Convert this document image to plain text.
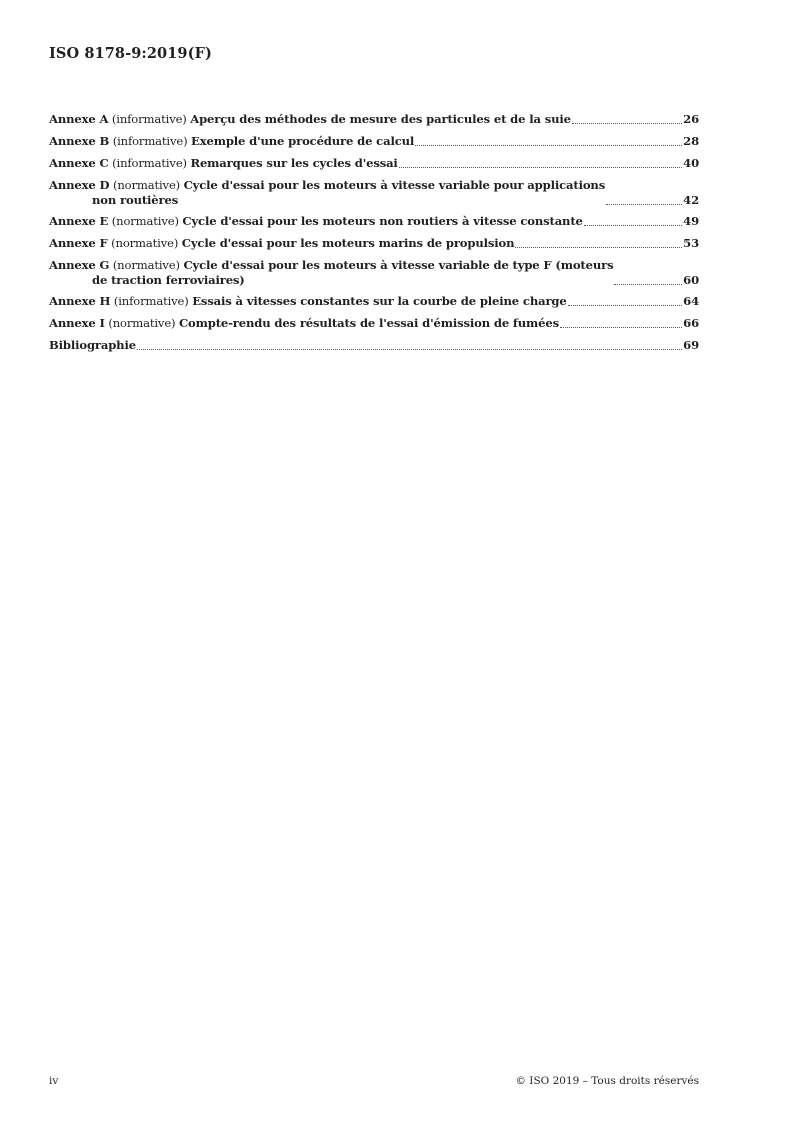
ISO 8178-9:2019(F)
Annexe A (informative) Aperçu des méthodes de mesure des particules et de la suie	26
Annexe B (informative) Exemple d'une procédure de calcul	28
Annexe C (informative) Remarques sur les cycles d'essai	40
Annexe D (normative) Cycle d'essai pour les moteurs à vitesse variable pour applications
non routières	42
Annexe E (normative) Cycle d'essai pour les moteurs non routiers à vitesse constante	49
Annexe F (normative) Cycle d'essai pour les moteurs marins de propulsion	53
Annexe G (normative) Cycle d'essai pour les moteurs à vitesse variable de type F (moteurs
de traction ferroviaires)	60
Annexe H (informative) Essais à vitesses constantes sur la courbe de pleine charge	64
Annexe I (normative) Compte-rendu des résultats de l'essai d'émission de fumées	66
Bibliographie	69
iv	© ISO 2019 – Tous droits réservés
